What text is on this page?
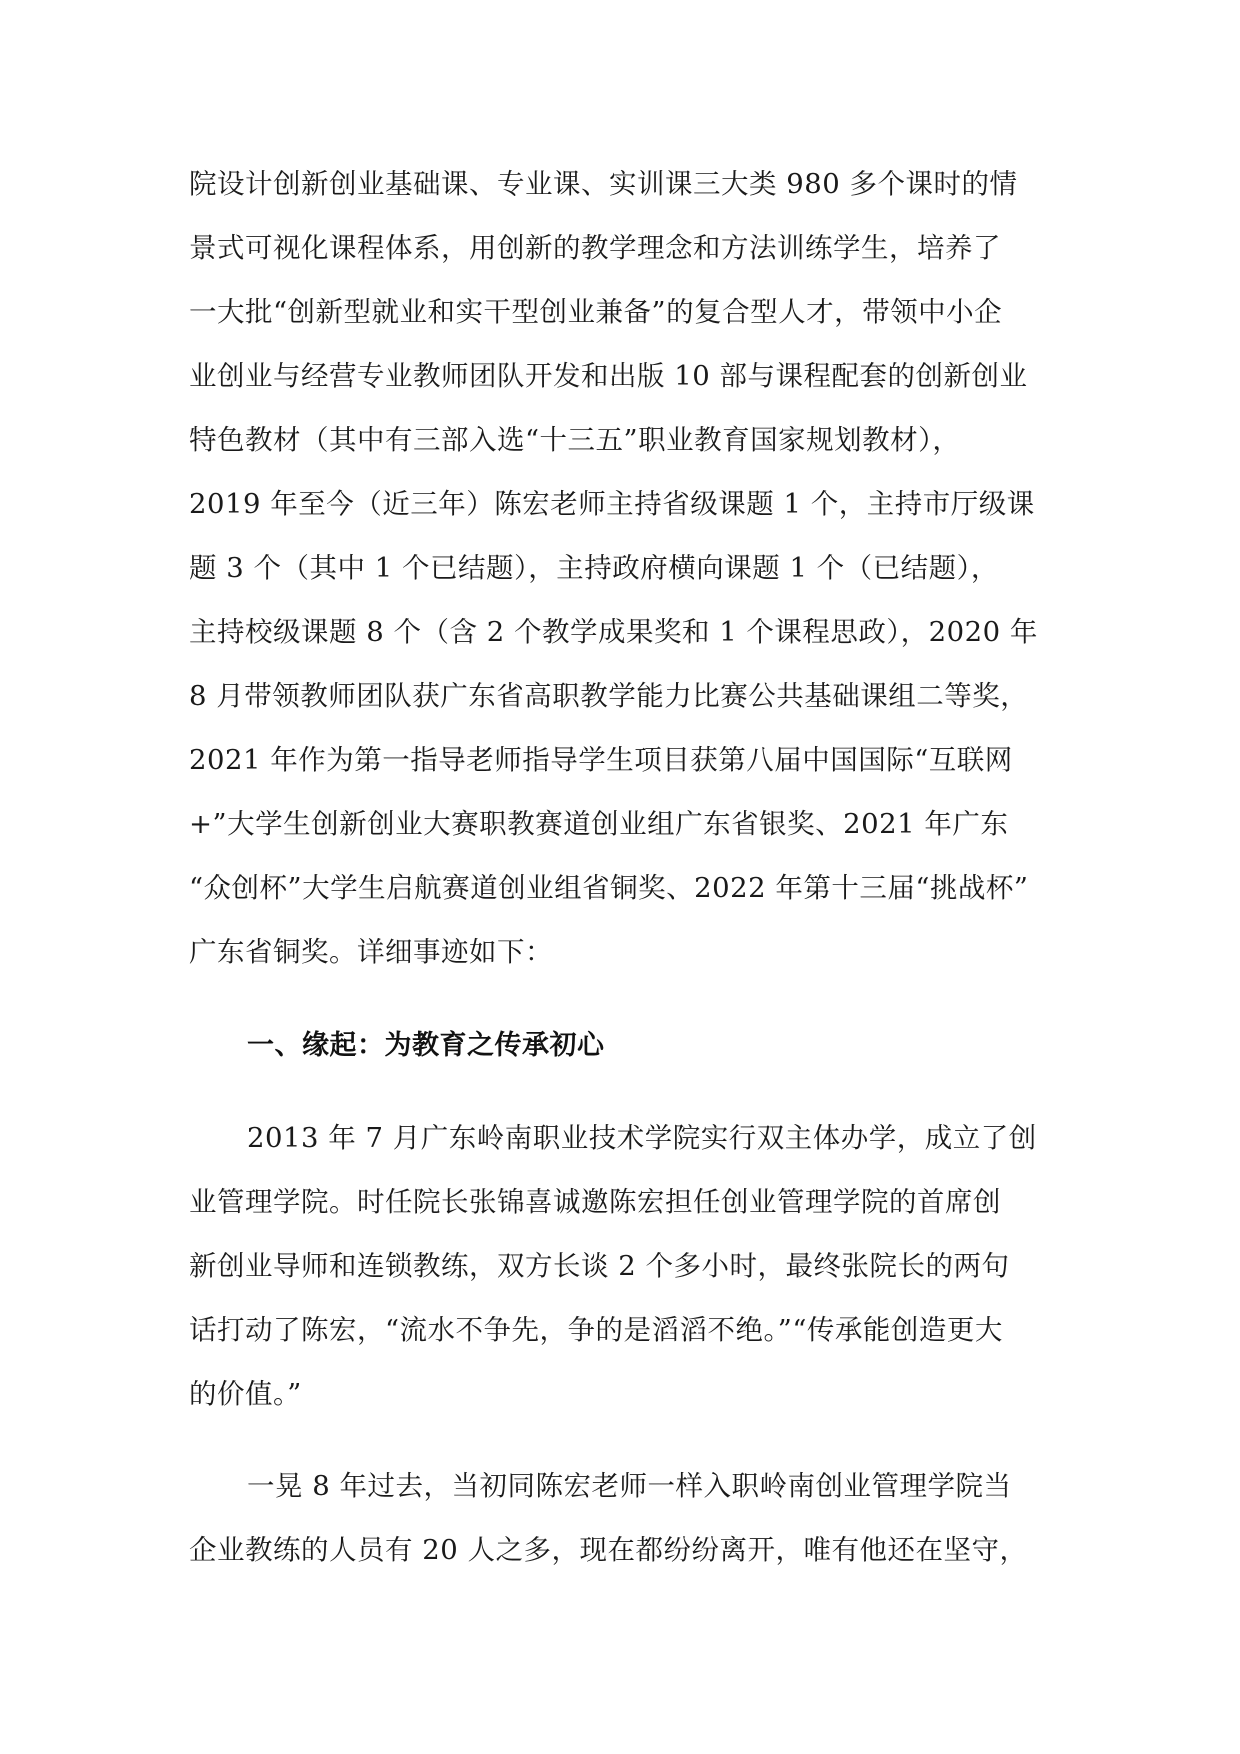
院设计创新创业基础课、专业课、实训课三大类 980 多个课时的情
景式可视化课程体系，用创新的教学理念和方法训练学生，培养了
一大批“创新型就业和实干型创业兼备”的复合型人才，带领中小企
业创业与经营专业教师团队开发和出版 10 部与课程配套的创新创业
特色教材（其中有三部入选“十三五”职业教育国家规划教材），
2019 年至今（近三年）陈宏老师主持省级课题 1 个，主持市厅级课
题 3 个（其中 1 个已结题），主持政府横向课题 1 个（已结题），
主持校级课题 8 个（含 2 个教学成果奖和 1 个课程思政），2020 年
8 月带领教师团队获广东省高职教学能力比赛公共基础课组二等奖，
2021 年作为第一指导老师指导学生项目获第八届中国国际“互联网
+”大学生创新创业大赛职教赛道创业组广东省银奖、2021 年广东
“众创杯”大学生启航赛道创业组省铜奖、2022 年第十三届“挑战杯”
广东省铜奖。详细事迹如下：
一、缘起：为教育之传承初心
2013 年 7 月广东岭南职业技术学院实行双主体办学，成立了创
业管理学院。时任院长张锦喜诚邀陈宏担任创业管理学院的首席创
新创业导师和连锁教练，双方长谈 2 个多小时，最终张院长的两句
话打动了陈宏，“流水不争先，争的是滔滔不绝。”“传承能创造更大
的价值。”
一晃 8 年过去，当初同陈宏老师一样入职岭南创业管理学院当
企业教练的人员有 20 人之多，现在都纷纷离开，唯有他还在坚守，
